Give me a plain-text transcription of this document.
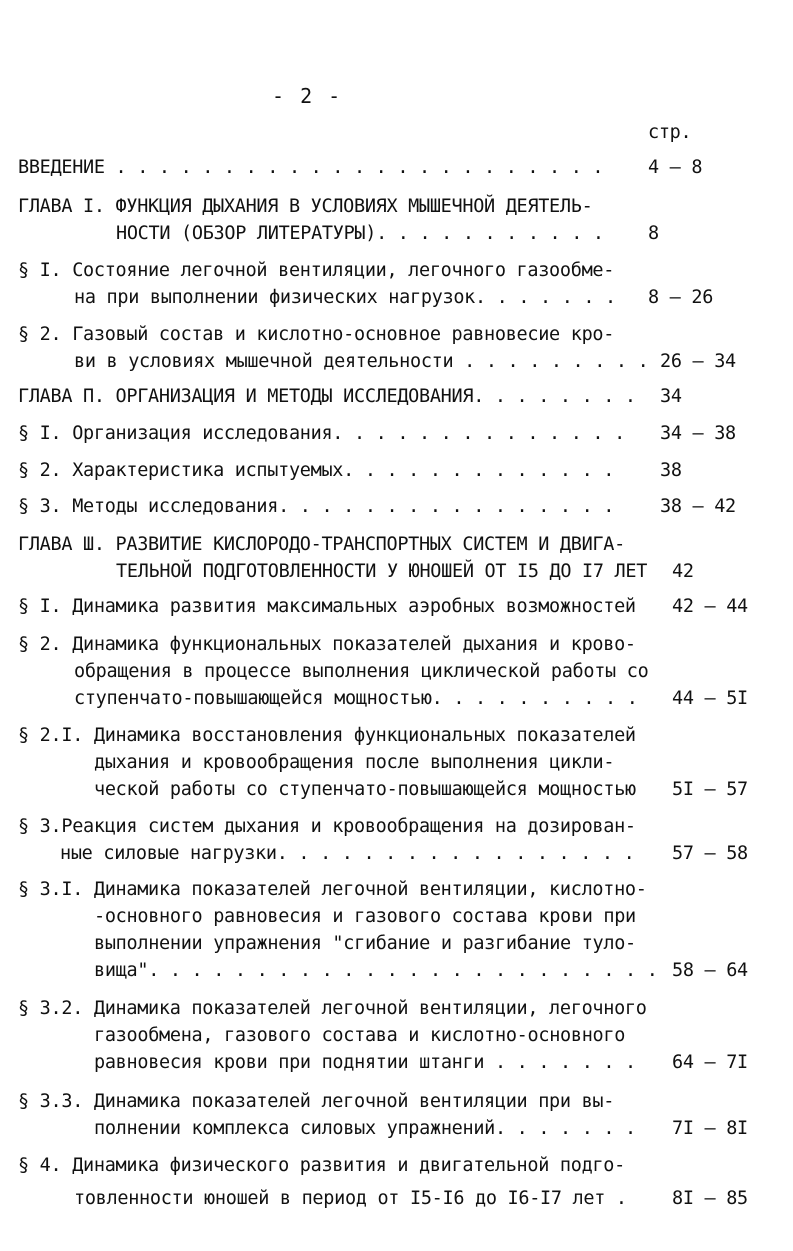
- 2 -
стр.
ВВЕДЕНИЕ . . . . . . . . . . . . . . . . . . . . . . . 4 – 8
ГЛАВА I. ФУНКЦИЯ ДЫХАНИЯ В УСЛОВИЯХ МЫШЕЧНОЙ ДЕЯТЕЛЬ-
НОСТИ (ОБЗОР ЛИТЕРАТУРЫ). . . . . . . . . . . 8
§ I. Состояние легочной вентиляции, легочного газообме-
на при выполнении физических нагрузок. . . . . . . 8 – 26
§ 2. Газовый состав и кислотно-основное равновесие кро-
ви в условиях мышечной деятельности . . . . . . . . . 26 – 34
ГЛАВА П. ОРГАНИЗАЦИЯ И МЕТОДЫ ИССЛЕДОВАНИЯ. . . . . . . . 34
§ I. Организация исследования. . . . . . . . . . . . . . 34 – 38
§ 2. Характеристика испытуемых. . . . . . . . . . . . . 38
§ 3. Методы исследования. . . . . . . . . . . . . . . . 38 – 42
ГЛАВА Ш. РАЗВИТИЕ КИСЛОРОДО-ТРАНСПОРТНЫХ СИСТЕМ И ДВИГА-
ТЕЛЬНОЙ ПОДГОТОВЛЕННОСТИ У ЮНОШЕЙ ОТ I5 ДО I7 ЛЕТ 42
§ I. Динамика развития максимальных аэробных возможностей 42 – 44
§ 2. Динамика функциональных показателей дыхания и крово-
обращения в процессе выполнения циклической работы со
ступенчато-повышающейся мощностью. . . . . . . . . . 44 – 5I
§ 2.I. Динамика восстановления функциональных показателей
дыхания и кровообращения после выполнения цикли-
ческой работы со ступенчато-повышающейся мощностью 5I – 57
§ 3.Реакция систем дыхания и кровообращения на дозирован-
ные силовые нагрузки. . . . . . . . . . . . . . . . . 57 – 58
§ 3.I. Динамика показателей легочной вентиляции, кислотно-
-основного равновесия и газового состава крови при
выполнении упражнения "сгибание и разгибание туло-
вища". . . . . . . . . . . . . . . . . . . . . . . . 58 – 64
§ 3.2. Динамика показателей легочной вентиляции, легочного
газообмена, газового состава и кислотно-основного
равновесия крови при поднятии штанги . . . . . . . 64 – 7I
§ 3.3. Динамика показателей легочной вентиляции при вы-
полнении комплекса силовых упражнений. . . . . . . 7I – 8I
§ 4. Динамика физического развития и двигательной подго-
товленности юношей в период от I5-I6 до I6-I7 лет . 8I – 85
